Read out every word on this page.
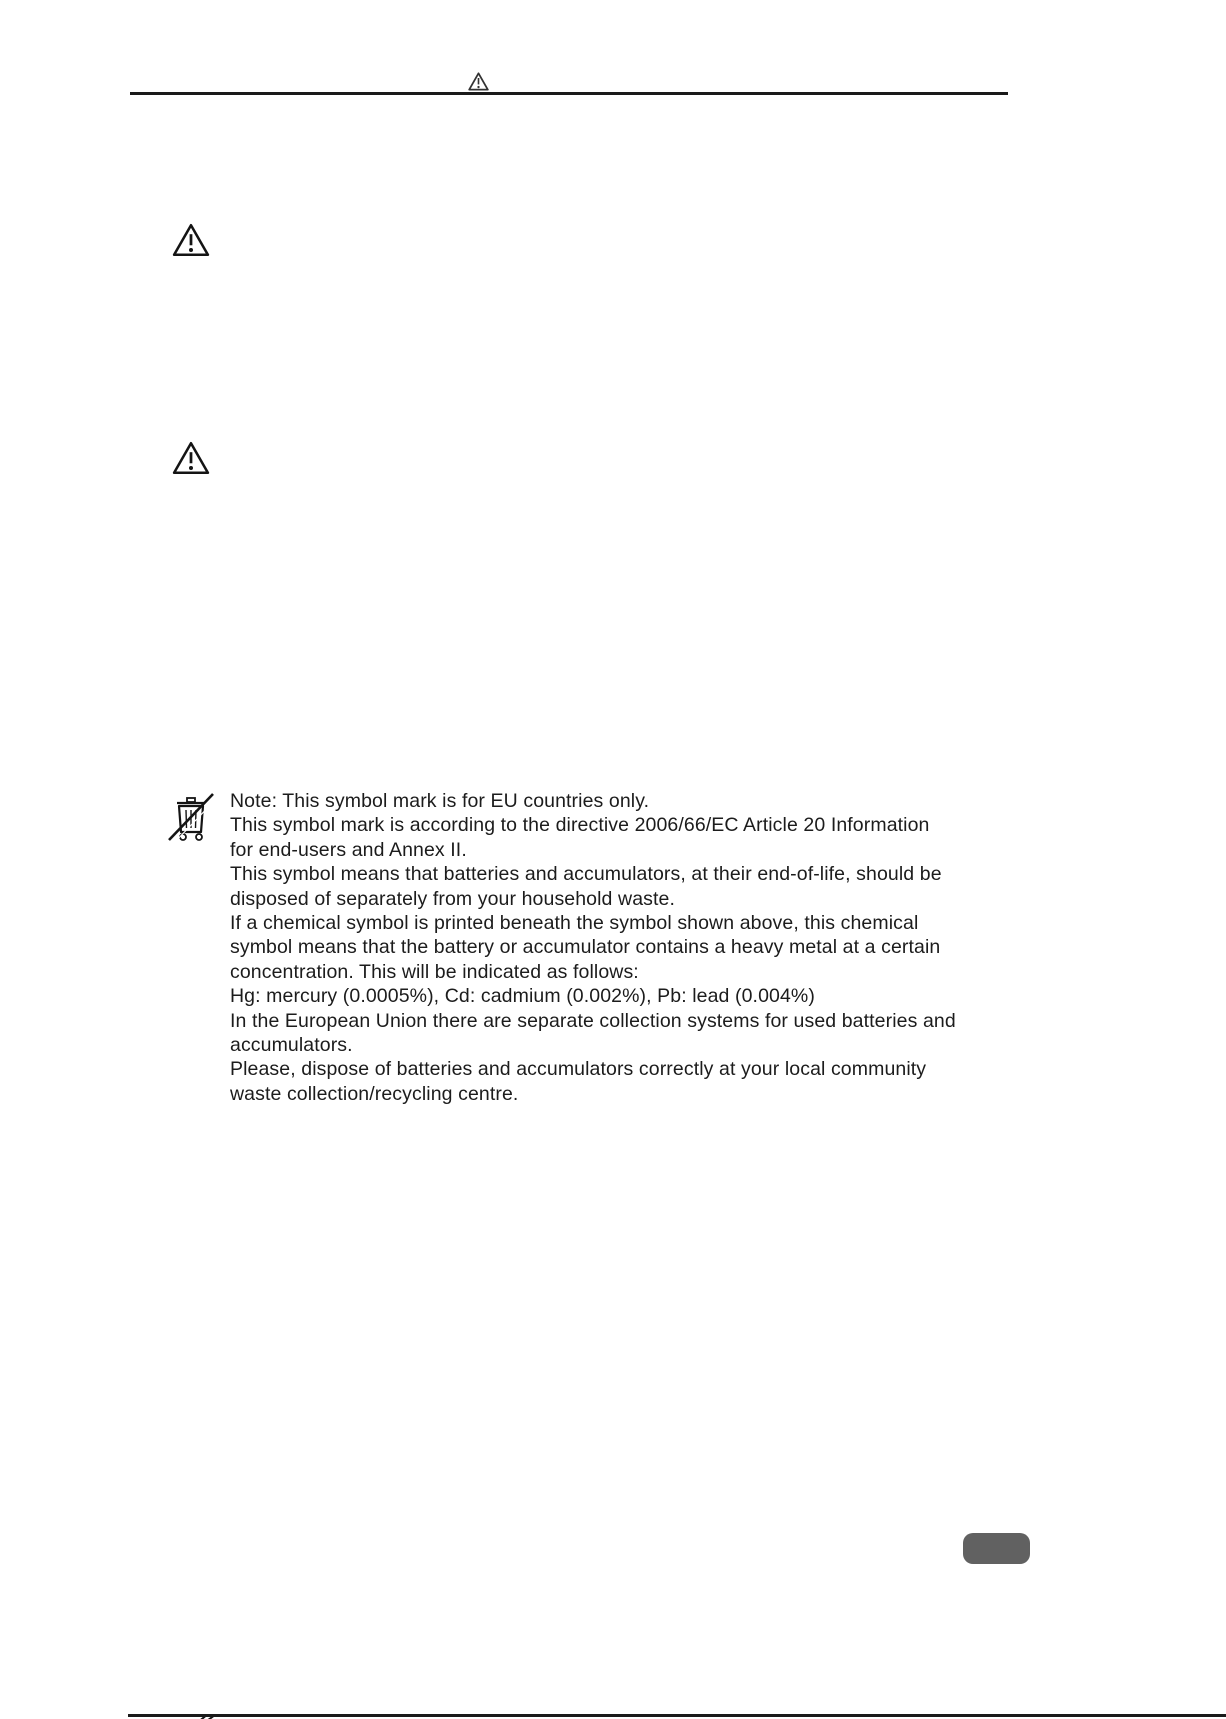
Note: This symbol mark is for EU countries only.
This symbol mark is according to the directive 2006/66/EC Article 20 Information
for end-users and Annex II.
This symbol means that batteries and accumulators, at their end-of-life, should be
disposed of separately from your household waste.
If a chemical symbol is printed beneath the symbol shown above, this chemical
symbol means that the battery or accumulator contains a heavy metal at a certain
concentration. This will be indicated as follows:
Hg: mercury (0.0005%), Cd: cadmium (0.002%), Pb: lead (0.004%)
In the European Union there are separate collection systems for used batteries and
accumulators.
Please, dispose of batteries and accumulators correctly at your local community
waste collection/recycling centre.
